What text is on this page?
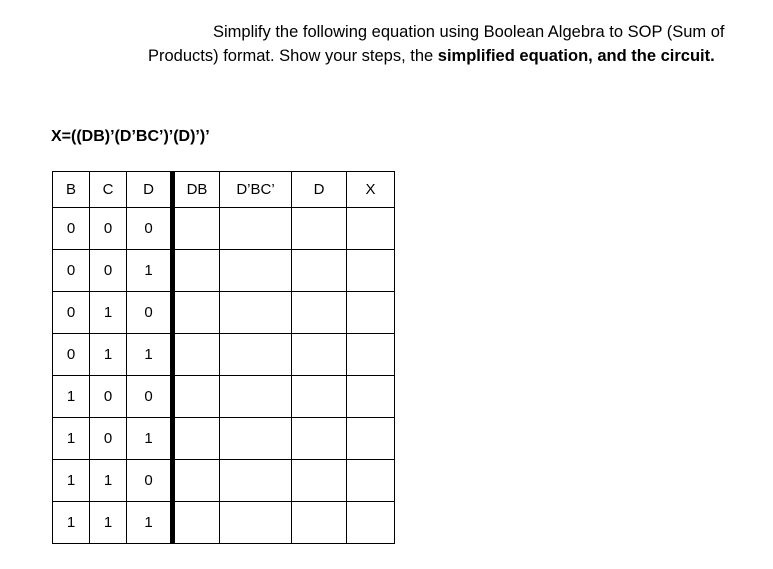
Simplify the following equation using Boolean Algebra to SOP (Sum of Products) format. Show your steps, the simplified equation, and the circuit.
X=((DB)’(D’BC’)’(D)’)’
B	C	D	DB	D’BC’	D	X
0	0	0				
0	0	1				
0	1	0				
0	1	1				
1	0	0				
1	0	1				
1	1	0				
1	1	1				
